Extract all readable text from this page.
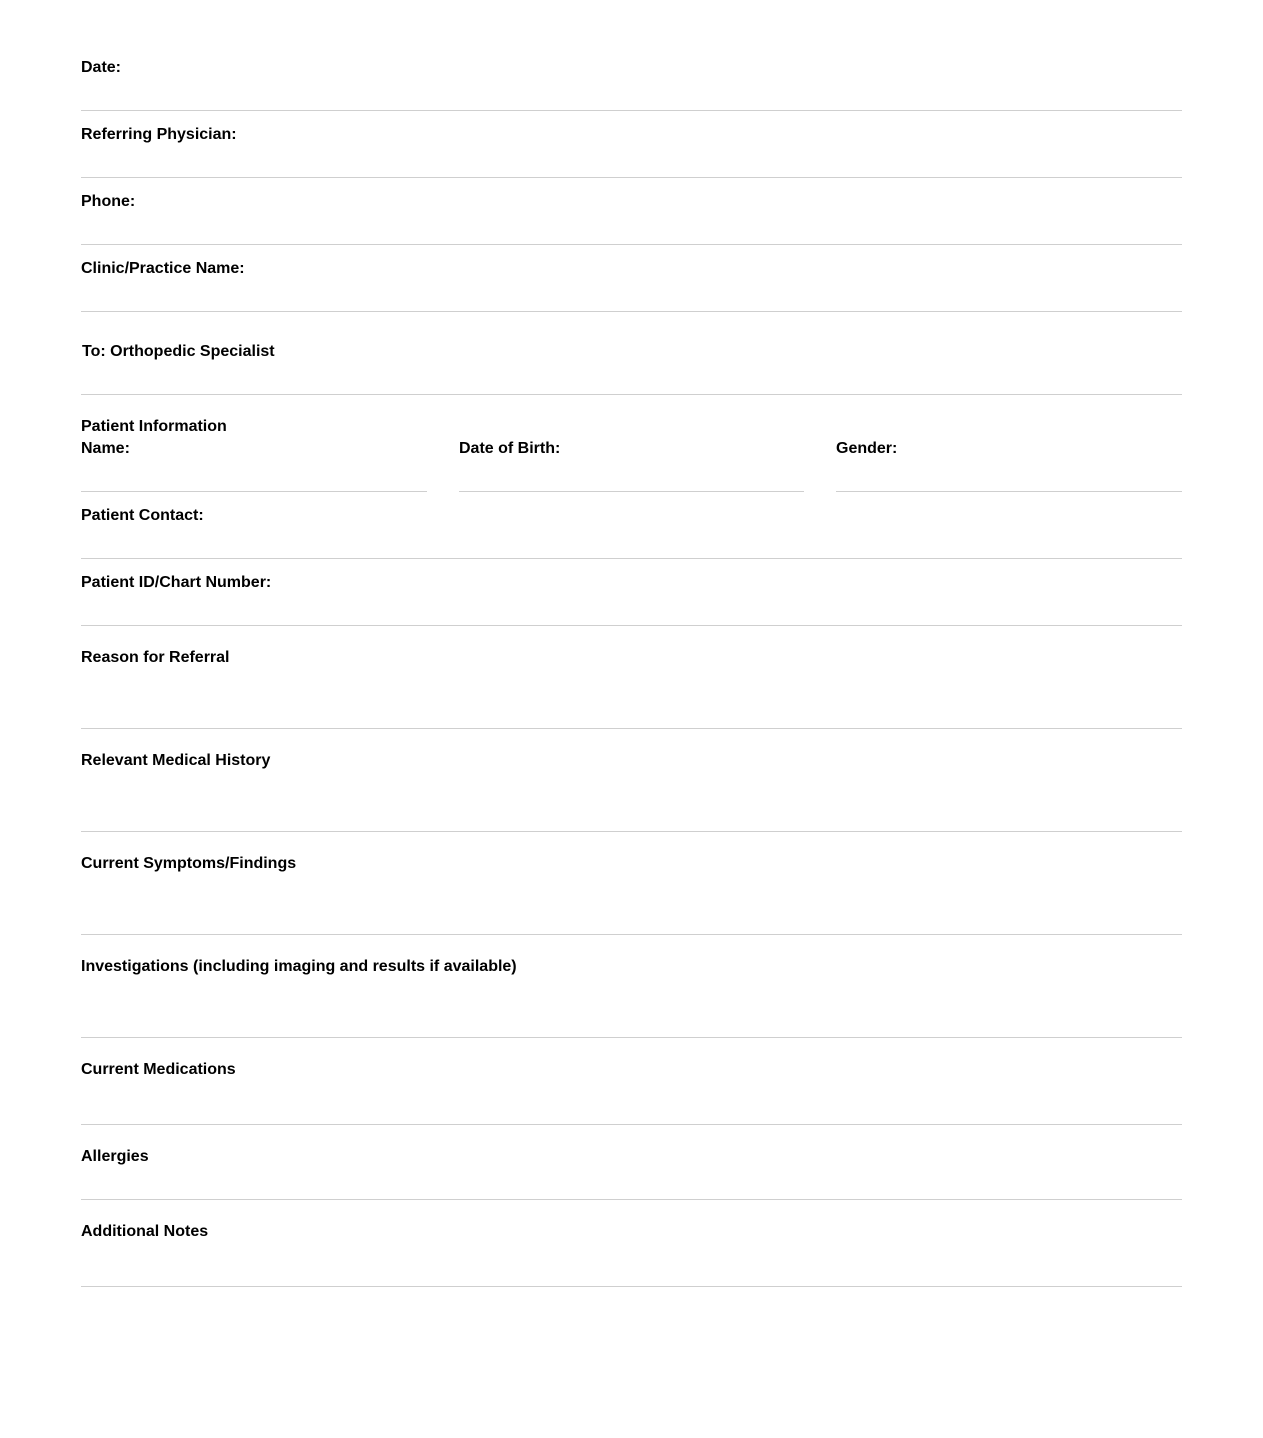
Date:
Referring Physician:
Phone:
Clinic/Practice Name:
To: Orthopedic Specialist
Patient Information
Name:	Date of Birth:	Gender:
Patient Contact:
Patient ID/Chart Number:
Reason for Referral
Relevant Medical History
Current Symptoms/Findings
Investigations (including imaging and results if available)
Current Medications
Allergies
Additional Notes
